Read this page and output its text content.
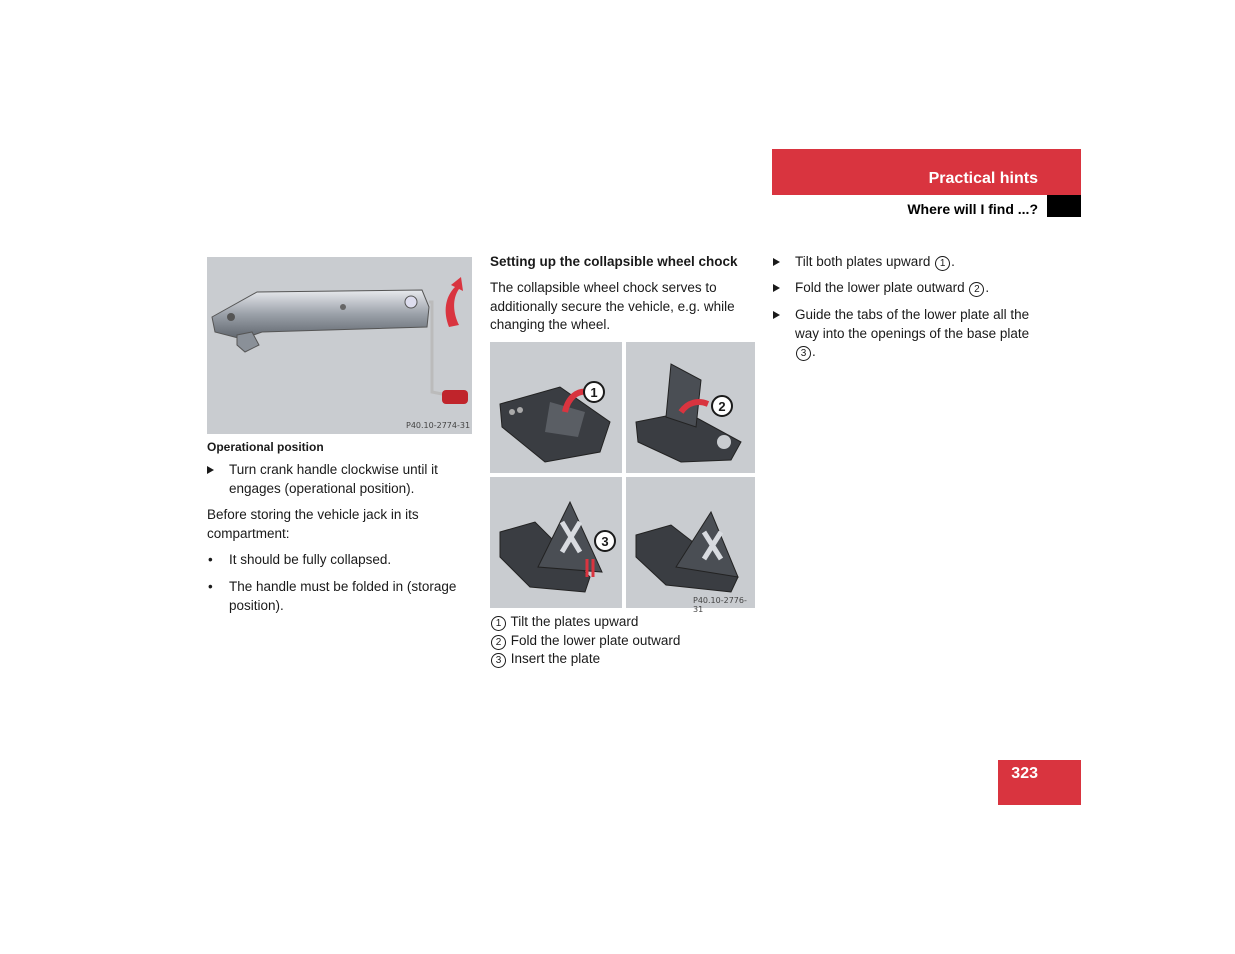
Practical hints
Where will I find ...?
P40.10-2774-31
Operational position
Turn crank handle clockwise until it engages (operational position).
Before storing the vehicle jack in its compartment:
• It should be fully collapsed.
• The handle must be folded in (storage position).
Setting up the collapsible wheel chock
The collapsible wheel chock serves to additionally secure the vehicle, e.g. while changing the wheel.
1
2
3
P40.10-2776-31
1 Tilt the plates upward
2 Fold the lower plate outward
3 Insert the plate
Tilt both plates upward 1 .
Fold the lower plate outward 2 .
Guide the tabs of the lower plate all the way into the openings of the base plate 3 .
323
